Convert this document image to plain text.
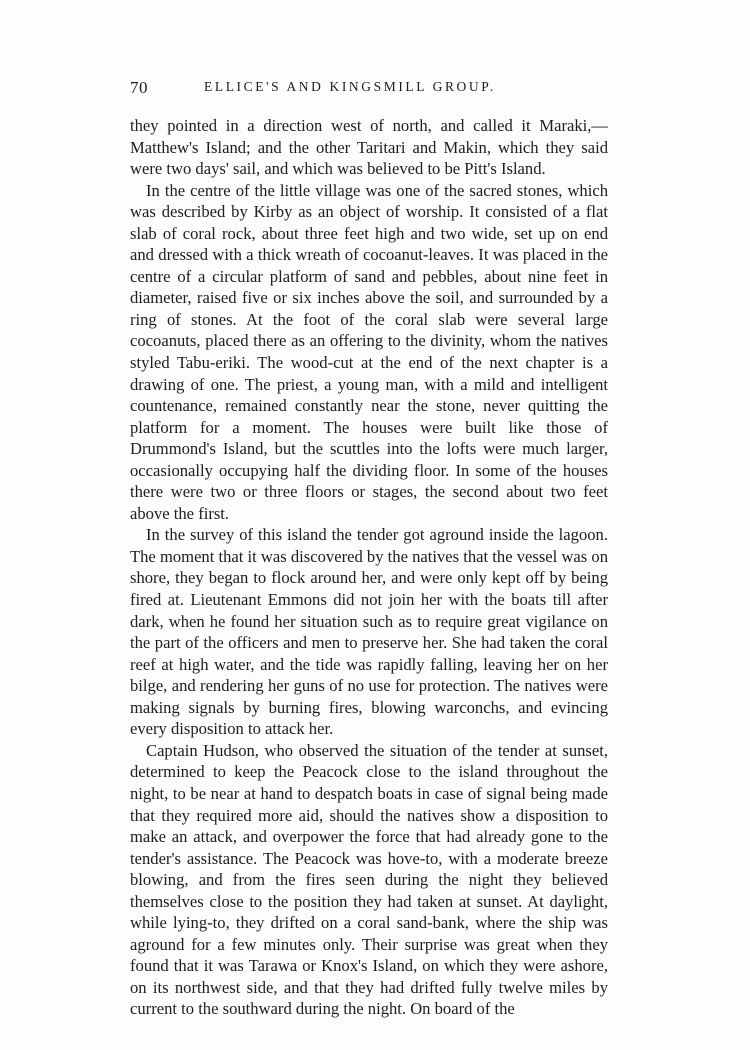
70	ELLICE'S AND KINGSMILL GROUP.

they pointed in a direction west of north, and called it Maraki,—Matthew's Island; and the other Taritari and Makin, which they said were two days' sail, and which was believed to be Pitt's Island.

In the centre of the little village was one of the sacred stones, which was described by Kirby as an object of worship. It consisted of a flat slab of coral rock, about three feet high and two wide, set up on end and dressed with a thick wreath of cocoanut-leaves. It was placed in the centre of a circular platform of sand and pebbles, about nine feet in diameter, raised five or six inches above the soil, and surrounded by a ring of stones. At the foot of the coral slab were several large cocoanuts, placed there as an offering to the divinity, whom the natives styled Tabu-eriki. The wood-cut at the end of the next chapter is a drawing of one. The priest, a young man, with a mild and intelligent countenance, remained constantly near the stone, never quitting the platform for a moment. The houses were built like those of Drummond's Island, but the scuttles into the lofts were much larger, occasionally occupying half the dividing floor. In some of the houses there were two or three floors or stages, the second about two feet above the first.

In the survey of this island the tender got aground inside the lagoon. The moment that it was discovered by the natives that the vessel was on shore, they began to flock around her, and were only kept off by being fired at. Lieutenant Emmons did not join her with the boats till after dark, when he found her situation such as to require great vigilance on the part of the officers and men to preserve her. She had taken the coral reef at high water, and the tide was rapidly falling, leaving her on her bilge, and rendering her guns of no use for protection. The natives were making signals by burning fires, blowing warconchs, and evincing every disposition to attack her.

Captain Hudson, who observed the situation of the tender at sunset, determined to keep the Peacock close to the island throughout the night, to be near at hand to despatch boats in case of signal being made that they required more aid, should the natives show a disposition to make an attack, and overpower the force that had already gone to the tender's assistance. The Peacock was hove-to, with a moderate breeze blowing, and from the fires seen during the night they believed themselves close to the position they had taken at sunset. At daylight, while lying-to, they drifted on a coral sand-bank, where the ship was aground for a few minutes only. Their surprise was great when they found that it was Tarawa or Knox's Island, on which they were ashore, on its northwest side, and that they had drifted fully twelve miles by current to the southward during the night. On board of the
